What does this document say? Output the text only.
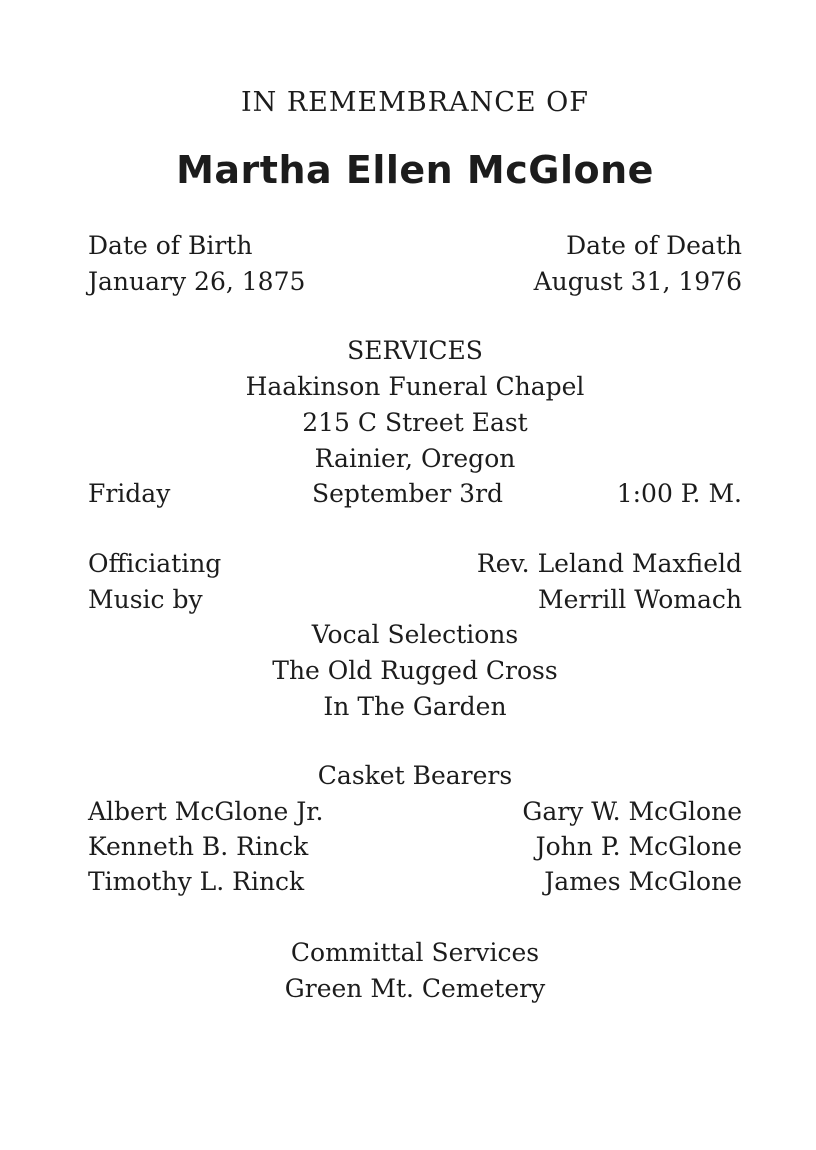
IN REMEMBRANCE OF
Martha Ellen McGlone
Date of Birth	Date of Death
January 26, 1875	August 31, 1976
SERVICES
Haakinson Funeral Chapel
215 C Street East
Rainier, Oregon
Friday	September 3rd	1:00 P. M.
Officiating	Rev. Leland Maxfield
Music by	Merrill Womach
Vocal Selections
The Old Rugged Cross
In The Garden
Casket Bearers
Albert McGlone Jr.	Gary W. McGlone
Kenneth B. Rinck	John P. McGlone
Timothy L. Rinck	James McGlone
Committal Services
Green Mt. Cemetery
